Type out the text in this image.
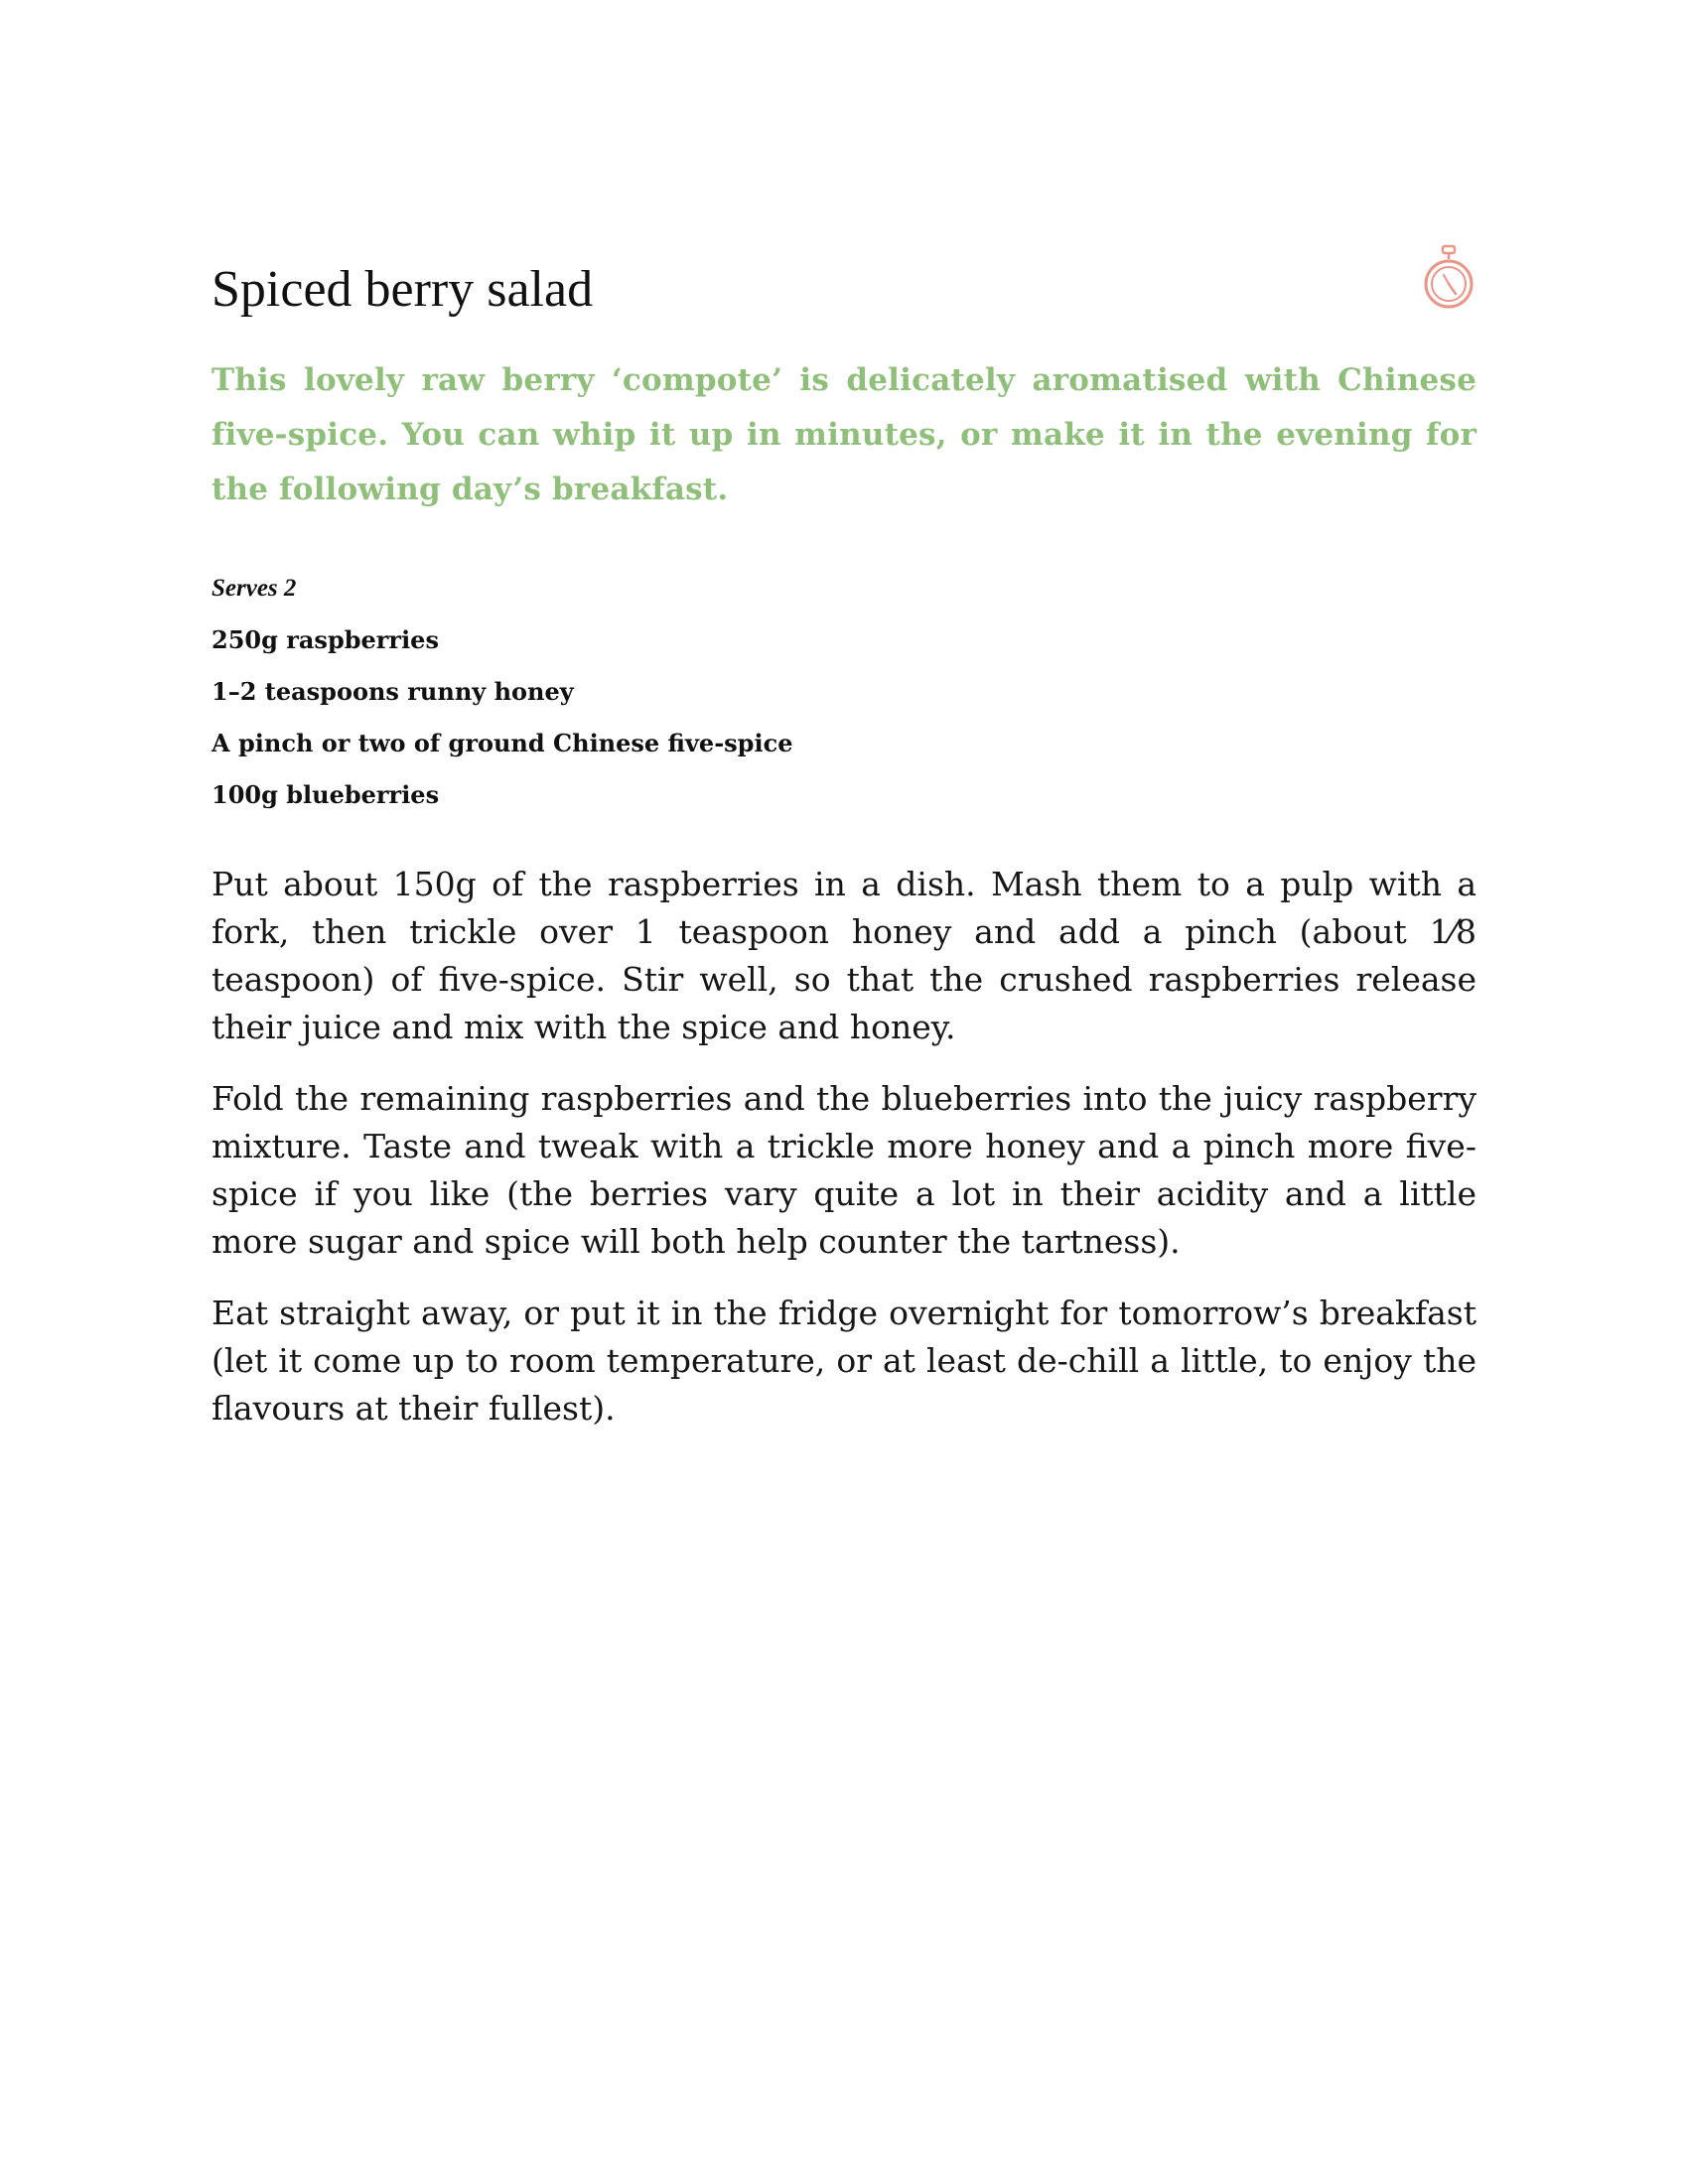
Spiced berry salad

This lovely raw berry ‘compote’ is delicately aromatised with Chinese five-spice. You can whip it up in minutes, or make it in the evening for the following day’s breakfast.

Serves 2
250g raspberries
1–2 teaspoons runny honey
A pinch or two of ground Chinese five-spice
100g blueberries

Put about 150g of the raspberries in a dish. Mash them to a pulp with a fork, then trickle over 1 teaspoon honey and add a pinch (about 1⁄8 teaspoon) of five-spice. Stir well, so that the crushed raspberries release their juice and mix with the spice and honey.

Fold the remaining raspberries and the blueberries into the juicy raspberry mixture. Taste and tweak with a trickle more honey and a pinch more five-spice if you like (the berries vary quite a lot in their acidity and a little more sugar and spice will both help counter the tartness).

Eat straight away, or put it in the fridge overnight for tomorrow’s breakfast (let it come up to room temperature, or at least de-chill a little, to enjoy the flavours at their fullest).
